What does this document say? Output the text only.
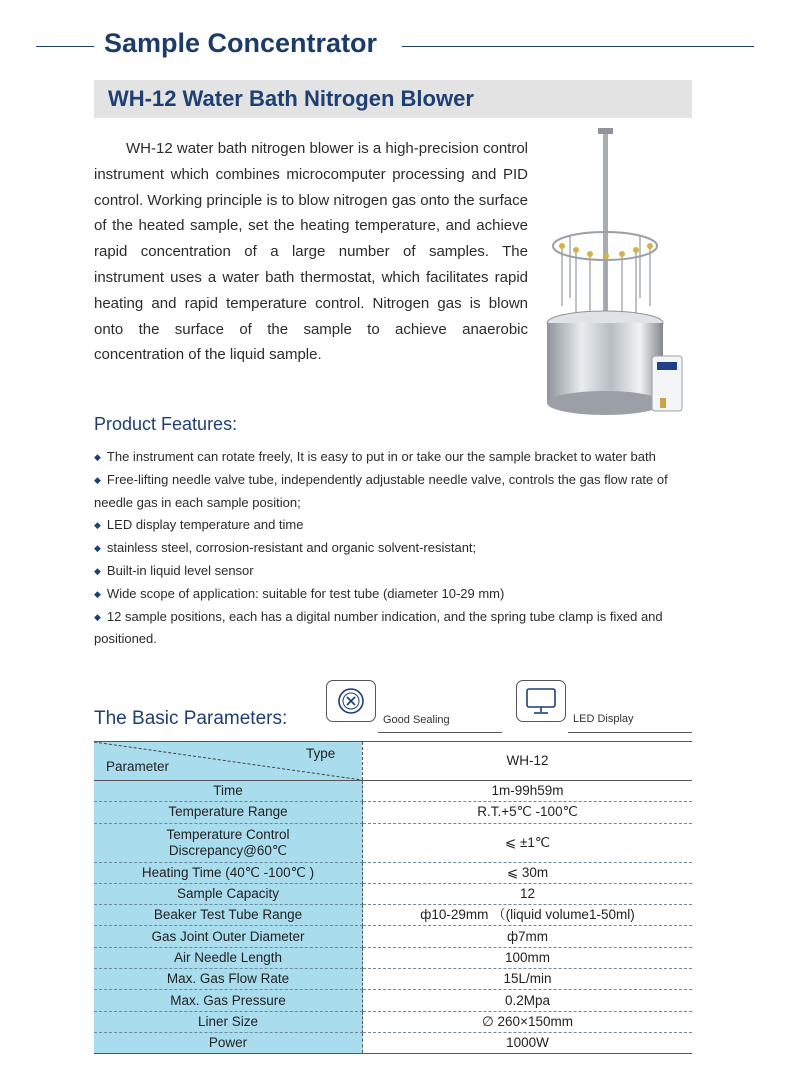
Sample Concentrator
WH-12 Water Bath Nitrogen Blower

WH-12 water bath nitrogen blower is a high-precision control instrument which combines microcomputer processing and PID control. Working principle is to blow nitrogen gas onto the surface of the heated sample, set the heating temperature, and achieve rapid concentration of a large number of samples. The instrument uses a water bath thermostat, which facilitates rapid heating and rapid temperature control. Nitrogen gas is blown onto the surface of the sample to achieve anaerobic concentration of the liquid sample.

Product Features:

◆ The instrument can rotate freely, It is easy to put in or take our the sample bracket to water bath

◆ Free-lifting needle valve tube, independently adjustable needle valve, controls the gas flow rate of needle gas in each sample position;

◆ LED display temperature and time

◆ stainless steel, corrosion-resistant and organic solvent-resistant;

◆ Built-in liquid level sensor

◆ Wide scope of application: suitable for test tube (diameter 10-29 mm)

◆ 12 sample positions, each has a digital number indication, and the spring tube clamp is fixed and positioned.

The Basic Parameters:	Good Sealing	LED Display
Type
Parameter	WH-12
Time	1m-99h59m
Temperature Range	R.T.+5℃ -100℃

Temperature Control Discrepancy@60℃	⩽ ±1℃
Heating Time (40℃ -100℃ )	⩽ 30m
Sample Capacity	12
Beaker Test Tube Range	ф10-29mm （(liquid volume1-50ml)
Gas Joint Outer Diameter	ф7mm
Air Needle Length	100mm
Max. Gas Flow Rate	15L/min
Max. Gas Pressure	0.2Mpa
Liner Size	∅ 260×150mm
Power	1000W
